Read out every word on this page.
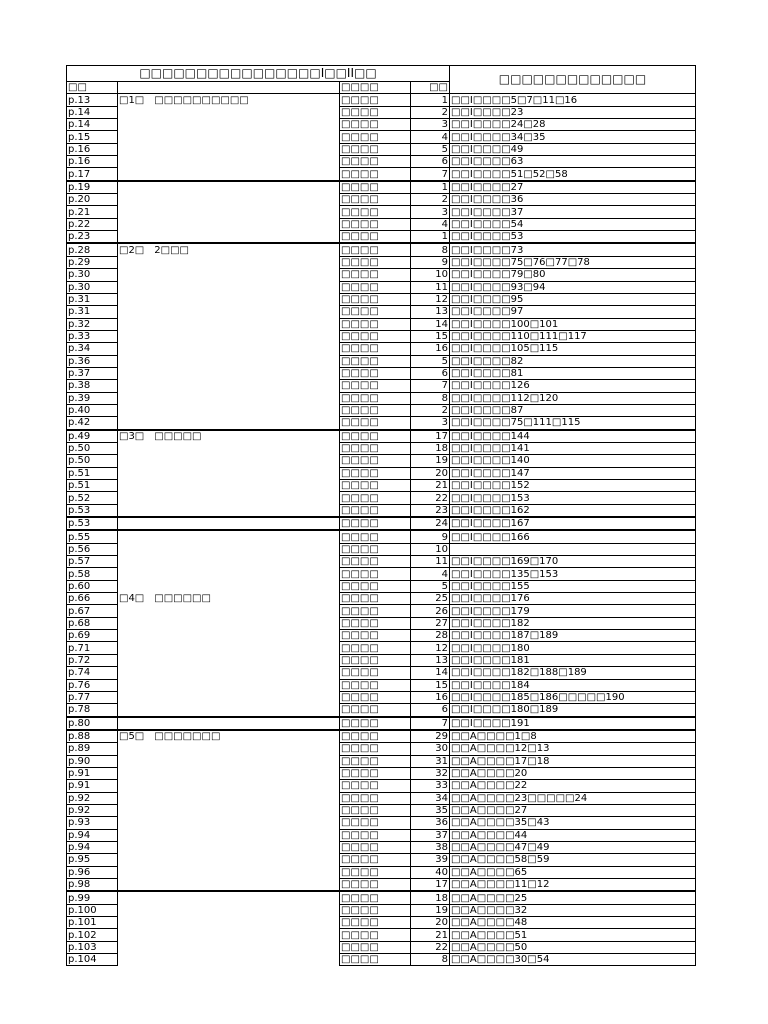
□□□□□□□□□□□□□□□□I□□II□□				□□□□□□□□□□□□□
□□		□□□□	□□	
p.13	□1□　□□□□□□□□□□	□□□□	1	□□I□□□□5□7□11□16
p.14		□□□□	2	□□I□□□□23
p.14		□□□□	3	□□I□□□□24□28
p.15		□□□□	4	□□I□□□□34□35
p.16		□□□□	5	□□I□□□□49
p.16		□□□□	6	□□I□□□□63
p.17		□□□□	7	□□I□□□□51□52□58
p.19		□□□□	1	□□I□□□□27
p.20		□□□□	2	□□I□□□□36
p.21		□□□□	3	□□I□□□□37
p.22		□□□□	4	□□I□□□□54
p.23		□□□□	1	□□I□□□□53
p.28	□2□　2□□□	□□□□	8	□□I□□□□73
p.29		□□□□	9	□□I□□□□75□76□77□78
p.30		□□□□	10	□□I□□□□79□80
p.30		□□□□	11	□□I□□□□93□94
p.31		□□□□	12	□□I□□□□95
p.31		□□□□	13	□□I□□□□97
p.32		□□□□	14	□□I□□□□100□101
p.33		□□□□	15	□□I□□□□110□111□117
p.34		□□□□	16	□□I□□□□105□115
p.36		□□□□	5	□□I□□□□82
p.37		□□□□	6	□□I□□□□81
p.38		□□□□	7	□□I□□□□126
p.39		□□□□	8	□□I□□□□112□120
p.40		□□□□	2	□□I□□□□87
p.42		□□□□	3	□□I□□□□75□111□115
p.49	□3□　□□□□□	□□□□	17	□□I□□□□144
p.50		□□□□	18	□□I□□□□141
p.50		□□□□	19	□□I□□□□140
p.51		□□□□	20	□□I□□□□147
p.51		□□□□	21	□□I□□□□152
p.52		□□□□	22	□□I□□□□153
p.53		□□□□	23	□□I□□□□162
p.53		□□□□	24	□□I□□□□167
p.55		□□□□	9	□□I□□□□166
p.56		□□□□	10	
p.57		□□□□	11	□□I□□□□169□170
p.58		□□□□	4	□□I□□□□135□153
p.60		□□□□	5	□□I□□□□155
p.66	□4□　□□□□□□	□□□□	25	□□I□□□□176
p.67		□□□□	26	□□I□□□□179
p.68		□□□□	27	□□I□□□□182
p.69		□□□□	28	□□I□□□□187□189
p.71		□□□□	12	□□I□□□□180
p.72		□□□□	13	□□I□□□□181
p.74		□□□□	14	□□I□□□□182□188□189
p.76		□□□□	15	□□I□□□□184
p.77		□□□□	16	□□I□□□□185□186□□□□□190
p.78		□□□□	6	□□I□□□□180□189
p.80		□□□□	7	□□I□□□□191
p.88	□5□　□□□□□□□	□□□□	29	□□A□□□□1□8
p.89		□□□□	30	□□A□□□□12□13
p.90		□□□□	31	□□A□□□□17□18
p.91		□□□□	32	□□A□□□□20
p.91		□□□□	33	□□A□□□□22
p.92		□□□□	34	□□A□□□□23□□□□□24
p.92		□□□□	35	□□A□□□□27
p.93		□□□□	36	□□A□□□□35□43
p.94		□□□□	37	□□A□□□□44
p.94		□□□□	38	□□A□□□□47□49
p.95		□□□□	39	□□A□□□□58□59
p.96		□□□□	40	□□A□□□□65
p.98		□□□□	17	□□A□□□□11□12
p.99		□□□□	18	□□A□□□□25
p.100		□□□□	19	□□A□□□□32
p.101		□□□□	20	□□A□□□□48
p.102		□□□□	21	□□A□□□□51
p.103		□□□□	22	□□A□□□□50
p.104		□□□□	8	□□A□□□□30□54
